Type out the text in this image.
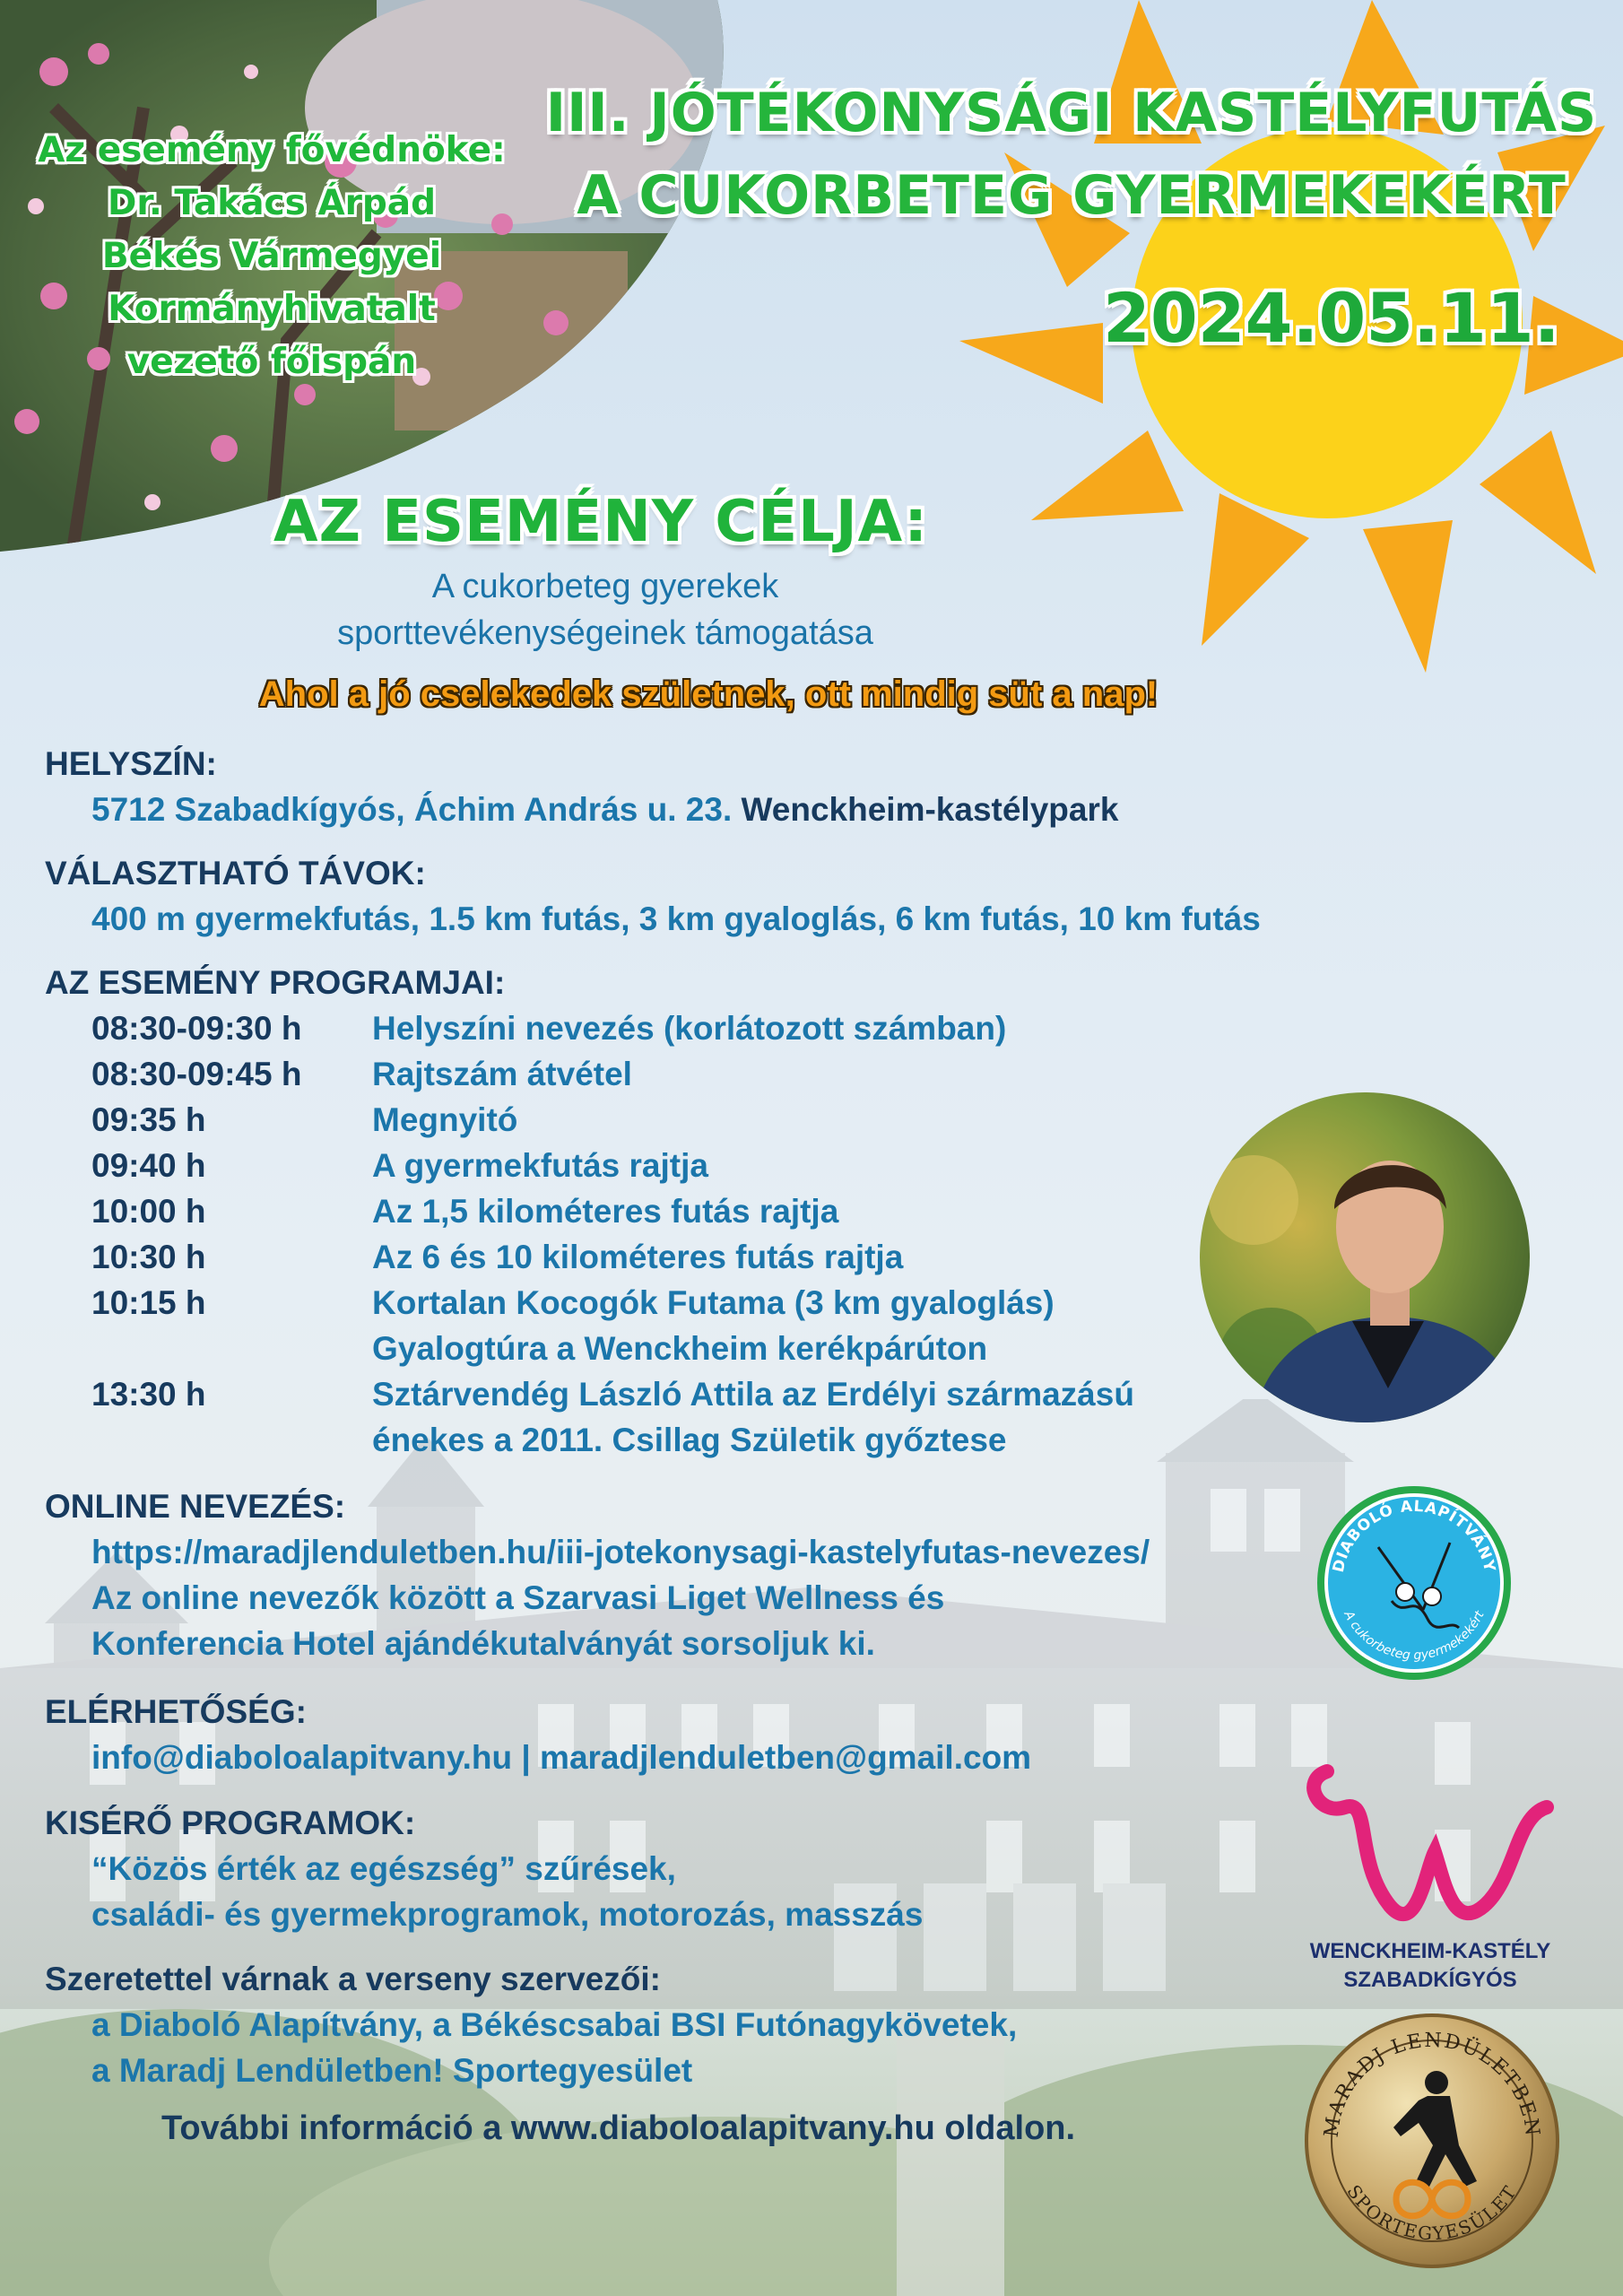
Az esemény fővédnöke:
Dr. Takács Árpád
Békés Vármegyei
Kormányhivatalt
vezető főispán
III. JÓTÉKONYSÁGI KASTÉLYFUTÁS
A CUKORBETEG GYERMEKEKÉRT
2024.05.11.
AZ ESEMÉNY CÉLJA:
A cukorbeteg gyerekek
sporttevékenységeinek támogatása
Ahol a jó cselekedek születnek, ott mindig süt a nap!
HELYSZÍN:
5712 Szabadkígyós, Áchim András u. 23. Wenckheim-kastélypark
VÁLASZTHATÓ TÁVOK:
400 m gyermekfutás, 1.5 km futás, 3 km gyaloglás, 6 km futás, 10 km futás
AZ ESEMÉNY PROGRAMJAI:
08:30-09:30 h	Helyszíni nevezés (korlátozott számban)
08:30-09:45 h	Rajtszám átvétel
09:35 h	Megnyitó
09:40 h	A gyermekfutás rajtja
10:00 h	Az 1,5 kilométeres futás rajtja
10:30 h	Az 6 és 10 kilométeres futás rajtja
10:15 h	Kortalan Kocogók Futama (3 km gyaloglás)
Gyalogtúra a Wenckheim kerékpárúton
13:30 h	Sztárvendég László Attila az Erdélyi származású
énekes a 2011. Csillag Születik győztese
ONLINE NEVEZÉS:
https://maradjlenduletben.hu/iii-jotekonysagi-kastelyfutas-nevezes/
Az online nevezők között a Szarvasi Liget Wellness és
Konferencia Hotel ajándékutalványát sorsoljuk ki.
DIABOLÓ ALAPÍTVÁNY
A cukorbeteg gyermekekért
ELÉRHETŐSÉG:
info@diaboloalapitvany.hu | maradjlenduletben@gmail.com
KISÉRŐ PROGRAMOK:
“Közös érték az egészség” szűrések,
családi- és gyermekprogramok, motorozás, masszás
WENCKHEIM-KASTÉLY
SZABADKÍGYÓS
Szeretettel várnak a verseny szervezői:
a Diaboló Alapítvány, a Békéscsabai BSI Futónagykövetek,
a Maradj Lendületben! Sportegyesület
További információ a www.diaboloalapitvany.hu oldalon.	MARADJ LENDÜLETBEN
SPORTEGYESÜLET
